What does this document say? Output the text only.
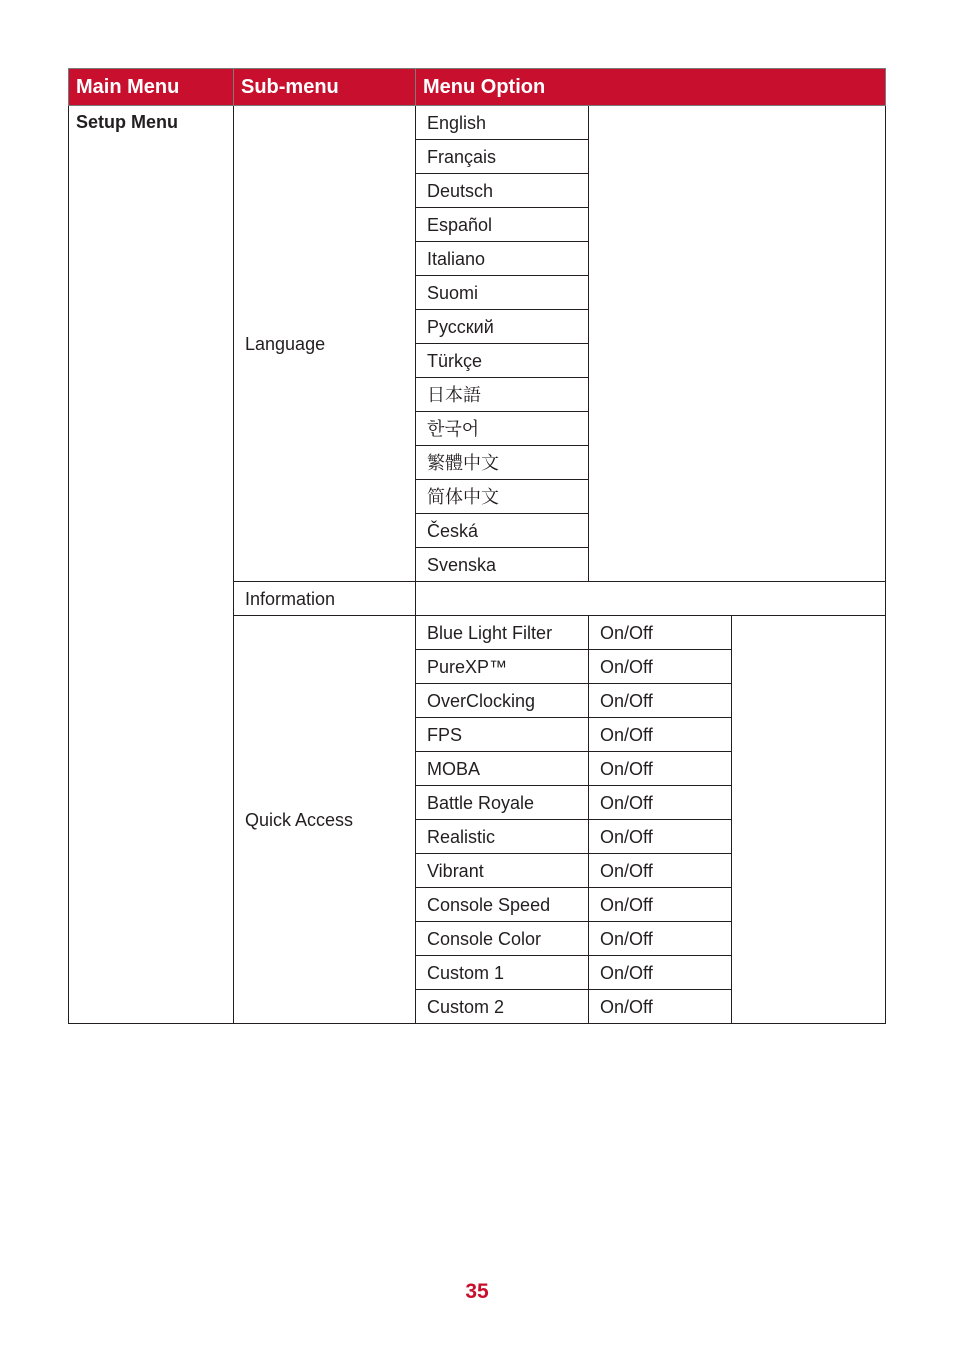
Main Menu	Sub-menu	Menu Option		
Setup Menu	Language	English		
		Français		
		Deutsch		
		Español		
		Italiano		
		Suomi		
		Русский		
		Türkçe		
		日本語		
		한국어		
		繁體中文		
		简体中文		
		Česká		
		Svenska		
	Information			
	Quick Access	Blue Light Filter	On/Off	
		PureXP™	On/Off	
		OverClocking	On/Off	
		FPS	On/Off	
		MOBA	On/Off	
		Battle Royale	On/Off	
		Realistic	On/Off	
		Vibrant	On/Off	
		Console Speed	On/Off	
		Console Color	On/Off	
		Custom 1	On/Off	
		Custom 2	On/Off	
35
